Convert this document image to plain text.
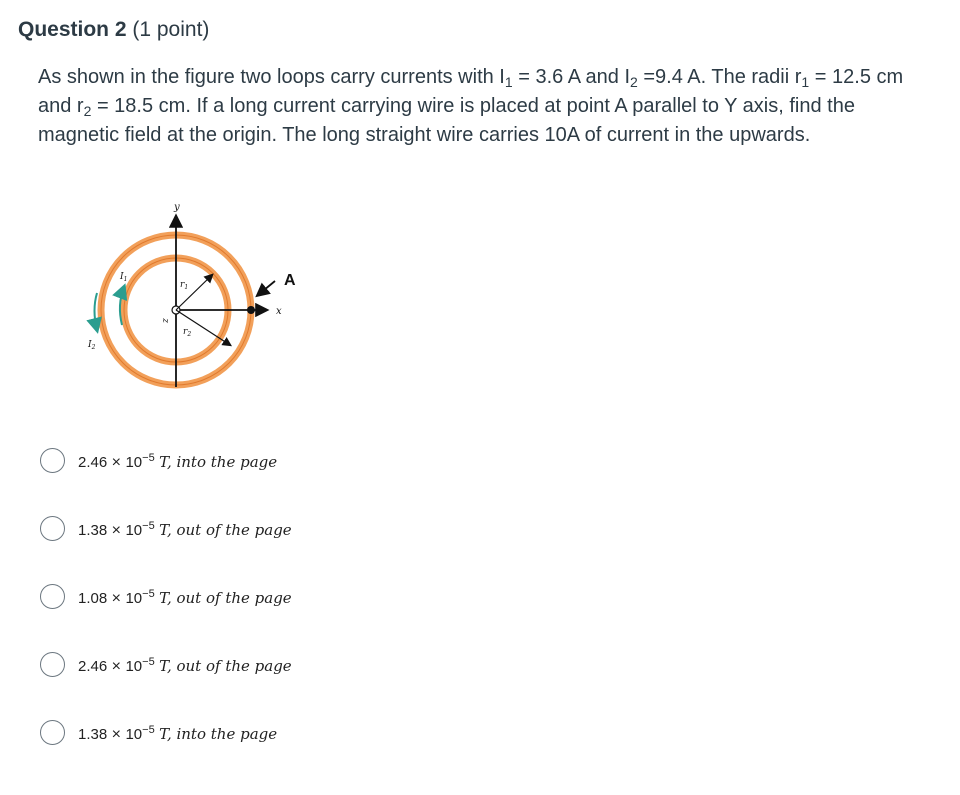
Question 2 (1 point)
As shown in the figure two loops carry currents with $I_1 = 3.6$ A and $I_2 =9.4$ A. The radii $r_1 = 12.5$ cm and $r_2 = 18.5$ cm. If a long current carrying wire is placed at point A parallel to Y axis, find the magnetic field at the origin. The long straight wire carries 10A of current in the upwards.
y
x
z
A
$r_1$
$r_2$
$I_1$
$I_2$
$2.46 \times 10^{-5}$ T, into the page
$1.38 \times 10^{-5}$ T, out of the page
$1.08 \times 10^{-5}$ T, out of the page
$2.46 \times 10^{-5}$ T, out of the page
$1.38 \times 10^{-5}$ T, into the page
